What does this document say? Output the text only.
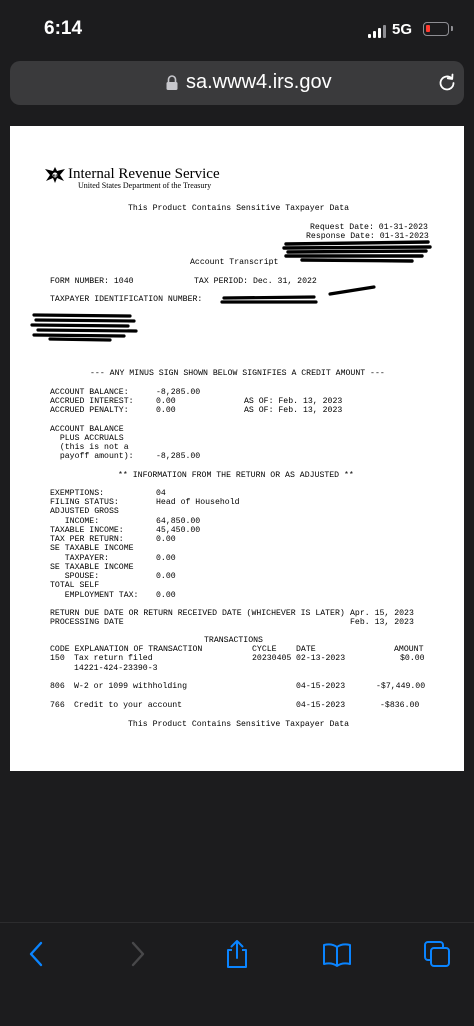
6:14	5G
sa.www4.irs.gov
IRS Internal Revenue Service
United States Department of the Treasury
This Product Contains Sensitive Taxpayer Data
Request Date: 01-31-2023
Response Date: 01-31-2023
Account Transcript
FORM NUMBER: 1040	TAX PERIOD: Dec. 31, 2022
TAXPAYER IDENTIFICATION NUMBER:
--- ANY MINUS SIGN SHOWN BELOW SIGNIFIES A CREDIT AMOUNT ---
ACCOUNT BALANCE:	-8,285.00
ACCRUED INTEREST:	0.00	AS OF: Feb. 13, 2023
ACCRUED PENALTY:	0.00	AS OF: Feb. 13, 2023
ACCOUNT BALANCE
PLUS ACCRUALS
(this is not a
payoff amount):	-8,285.00
** INFORMATION FROM THE RETURN OR AS ADJUSTED **
EXEMPTIONS:	04
FILING STATUS:	Head of Household
ADJUSTED GROSS
INCOME:	64,850.00
TAXABLE INCOME:	45,450.00
TAX PER RETURN:	0.00
SE TAXABLE INCOME
TAXPAYER:	0.00
SE TAXABLE INCOME
SPOUSE:	0.00
TOTAL SELF
EMPLOYMENT TAX: 0.00
RETURN DUE DATE OR RETURN RECEIVED DATE (WHICHEVER IS LATER) Apr. 15, 2023
PROCESSING DATE	Feb. 13, 2023
TRANSACTIONS
CODE EXPLANATION OF TRANSACTION	CYCLE DATE	AMOUNT
150 Tax return filed	20230405 02-13-2023	$0.00
14221-424-23390-3
806 W-2 or 1099 withholding	04-15-2023	-$7,449.00
766 Credit to your account	04-15-2023	-$836.00
This Product Contains Sensitive Taxpayer Data
